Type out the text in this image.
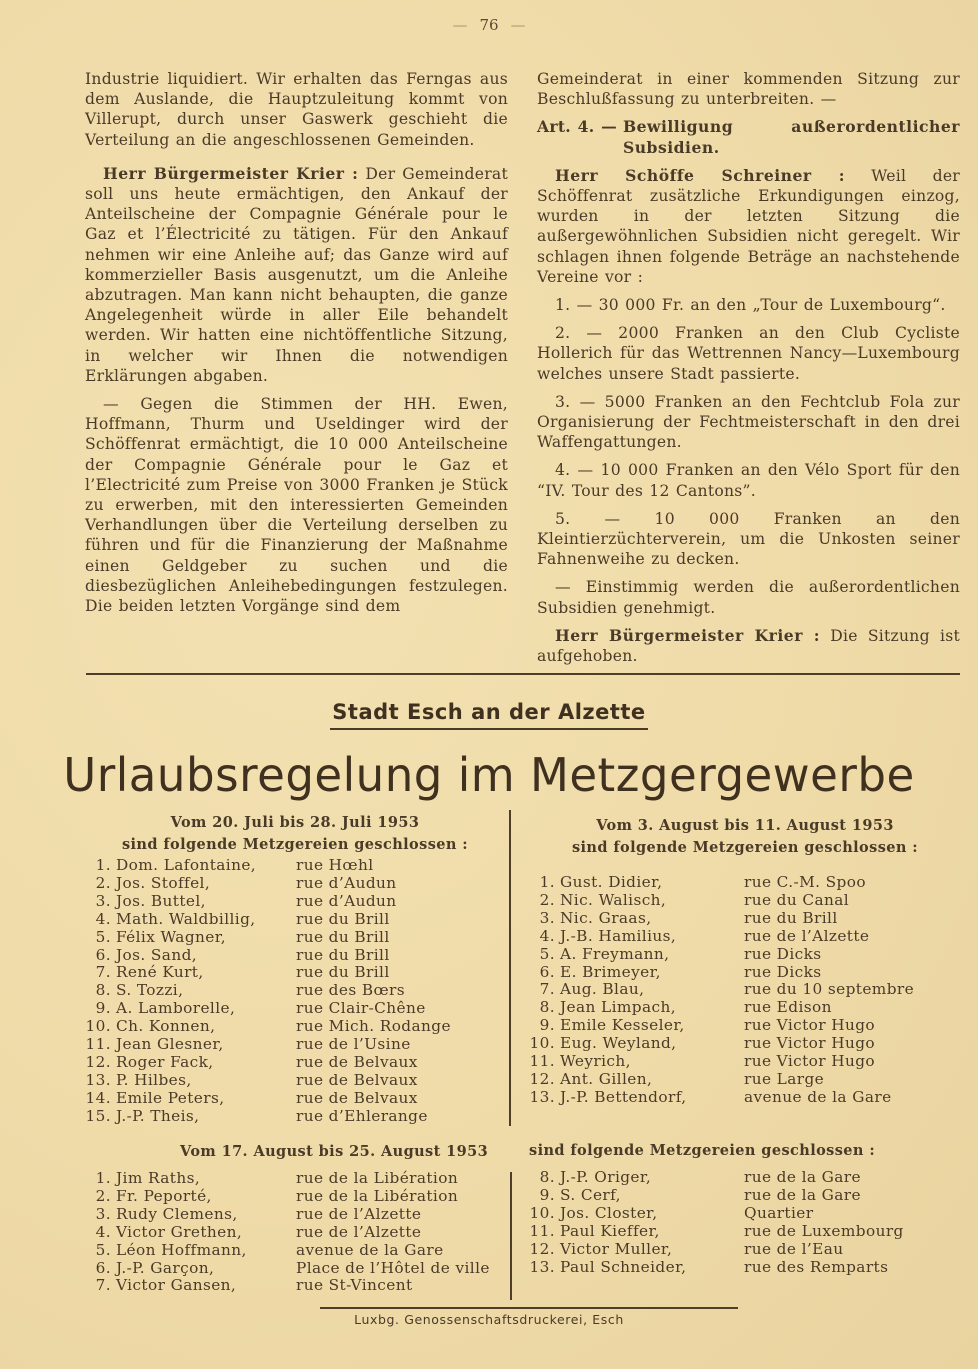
— 76 —

Industrie liquidiert. Wir erhalten das Ferngas aus dem Auslande, die Hauptzuleitung kommt von Villerupt, durch unser Gaswerk geschieht die Verteilung an die angeschlossenen Gemeinden.

Herr Bürgermeister Krier : Der Gemeinderat soll uns heute ermächtigen, den Ankauf der Anteilscheine der Compagnie Générale pour le Gaz et l’Électricité zu tätigen. Für den Ankauf nehmen wir eine Anleihe auf; das Ganze wird auf kommerzieller Basis ausgenutzt, um die Anleihe abzutragen. Man kann nicht behaupten, die ganze Angelegenheit würde in aller Eile behandelt werden. Wir hatten eine nichtöffentliche Sitzung, in welcher wir Ihnen die notwendigen Erklärungen abgaben.

— Gegen die Stimmen der HH. Ewen, Hoffmann, Thurm und Useldinger wird der Schöffenrat ermächtigt, die 10 000 Anteilscheine der Compagnie Générale pour le Gaz et l’Electricité zum Preise von 3000 Franken je Stück zu erwerben, mit den interessierten Gemeinden Verhandlungen über die Verteilung derselben zu führen und für die Finanzierung der Maßnahme einen Geldgeber zu suchen und die diesbezüglichen Anleihebedingungen festzulegen. Die beiden letzten Vorgänge sind dem

Gemeinderat in einer kommenden Sitzung zur Beschlußfassung zu unterbreiten. —

Art. 4. — Bewilligung außerordentlicher Subsidien.

Herr Schöffe Schreiner : Weil der Schöffenrat zusätzliche Erkundigungen einzog, wurden in der letzten Sitzung die außergewöhnlichen Subsidien nicht geregelt. Wir schlagen ihnen folgende Beträge an nachstehende Vereine vor :

1. — 30 000 Fr. an den „Tour de Luxembourg“.

2. — 2000 Franken an den Club Cycliste Hollerich für das Wettrennen Nancy—Luxembourg welches unsere Stadt passierte.

3. — 5000 Franken an den Fechtclub Fola zur Organisierung der Fechtmeisterschaft in den drei Waffengattungen.

4. — 10 000 Franken an den Vélo Sport für den “IV. Tour des 12 Cantons”.

5. — 10 000 Franken an den Kleintierzüchterverein, um die Unkosten seiner Fahnenweihe zu decken.

— Einstimmig werden die außerordentlichen Subsidien genehmigt.

Herr Bürgermeister Krier : Die Sitzung ist aufgehoben.

Stadt Esch an der Alzette
Urlaubsregelung im Metzgergewerbe
Vom 20. Juli bis 28. Juli 1953
sind folgende Metzgereien geschlossen :
1. Dom. Lafontaine,	rue Hœhl
2. Jos. Stoffel,	rue d’Audun
3. Jos. Buttel,	rue d’Audun
4. Math. Waldbillig,	rue du Brill
5. Félix Wagner,	rue du Brill
6. Jos. Sand,	rue du Brill
7. René Kurt,	rue du Brill
8. S. Tozzi,	rue des Bœrs
9. A. Lamborelle,	rue Clair-Chêne
10. Ch. Konnen,	rue Mich. Rodange
11. Jean Glesner,	rue de l’Usine
12. Roger Fack,	rue de Belvaux
13. P. Hilbes,	rue de Belvaux
14. Emile Peters,	rue de Belvaux
15. J.-P. Theis,	rue d’Ehlerange
Vom 3. August bis 11. August 1953
sind folgende Metzgereien geschlossen :
1. Gust. Didier,	rue C.-M. Spoo
2. Nic. Walisch,	rue du Canal
3. Nic. Graas,	rue du Brill
4. J.-B. Hamilius,	rue de l’Alzette
5. A. Freymann,	rue Dicks
6. E. Brimeyer,	rue Dicks
7. Aug. Blau,	rue du 10 septembre
8. Jean Limpach,	rue Edison
9. Emile Kesseler,	rue Victor Hugo
10. Eug. Weyland,	rue Victor Hugo
11. Weyrich,	rue Victor Hugo
12. Ant. Gillen,	rue Large
13. J.-P. Bettendorf,	avenue de la Gare
Vom 17. August bis 25. August 1953	sind folgende Metzgereien geschlossen :
1. Jim Raths,	rue de la Libération
2. Fr. Peporté,	rue de la Libération
3. Rudy Clemens,	rue de l’Alzette
4. Victor Grethen,	rue de l’Alzette
5. Léon Hoffmann,	avenue de la Gare
6. J.-P. Garçon,	Place de l’Hôtel de ville
7. Victor Gansen,	rue St-Vincent
8. J.-P. Origer,	rue de la Gare
9. S. Cerf,	rue de la Gare
10. Jos. Closter,	Quartier
11. Paul Kieffer,	rue de Luxembourg
12. Victor Muller,	rue de l’Eau
13. Paul Schneider,	rue des Remparts
Luxbg. Genossenschaftsdruckerei, Esch
